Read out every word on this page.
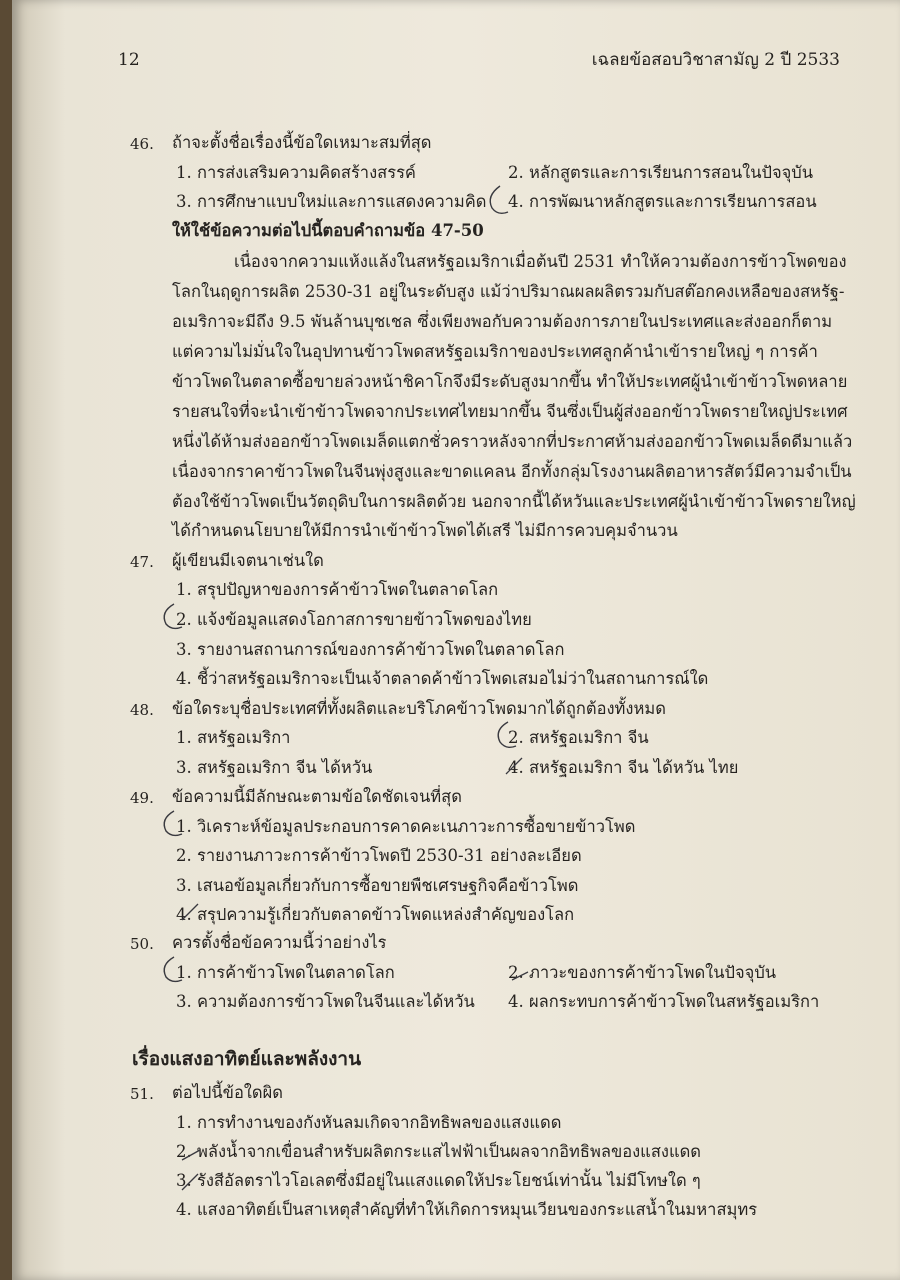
12	เฉลยข้อสอบวิชาสามัญ 2 ปี 2533
46. ถ้าจะตั้งชื่อเรื่องนี้ข้อใดเหมาะสมที่สุด
1. การส่งเสริมความคิดสร้างสรรค์	2. หลักสูตรและการเรียนการสอนในปัจจุบัน
3. การศึกษาแบบใหม่และการแสดงความคิด 4. การพัฒนาหลักสูตรและการเรียนการสอน
ให้ใช้ข้อความต่อไปนี้ตอบคำถามข้อ 47-50
เนื่องจากความแห้งแล้งในสหรัฐอเมริกาเมื่อต้นปี 2531 ทำให้ความต้องการข้าวโพดของ
โลกในฤดูการผลิต 2530-31 อยู่ในระดับสูง แม้ว่าปริมาณผลผลิตรวมกับสต๊อกคงเหลือของสหรัฐ-
อเมริกาจะมีถึง 9.5 พันล้านบุชเชล ซึ่งเพียงพอกับความต้องการภายในประเทศและส่งออกก็ตาม
แต่ความไม่มั่นใจในอุปทานข้าวโพดสหรัฐอเมริกาของประเทศลูกค้านำเข้ารายใหญ่ ๆ การค้า
ข้าวโพดในตลาดซื้อขายล่วงหน้าชิคาโกจึงมีระดับสูงมากขึ้น ทำให้ประเทศผู้นำเข้าข้าวโพดหลาย
รายสนใจที่จะนำเข้าข้าวโพดจากประเทศไทยมากขึ้น จีนซึ่งเป็นผู้ส่งออกข้าวโพดรายใหญ่ประเทศ
หนึ่งได้ห้ามส่งออกข้าวโพดเมล็ดแตกชั่วคราวหลังจากที่ประกาศห้ามส่งออกข้าวโพดเมล็ดดีมาแล้ว
เนื่องจากราคาข้าวโพดในจีนพุ่งสูงและขาดแคลน อีกทั้งกลุ่มโรงงานผลิตอาหารสัตว์มีความจำเป็น
ต้องใช้ข้าวโพดเป็นวัตถุดิบในการผลิตด้วย นอกจากนี้ได้หวันและประเทศผู้นำเข้าข้าวโพดรายใหญ่
ได้กำหนดนโยบายให้มีการนำเข้าข้าวโพดได้เสรี ไม่มีการควบคุมจำนวน
47. ผู้เขียนมีเจตนาเช่นใด
1. สรุปปัญหาของการค้าข้าวโพดในตลาดโลก
2. แจ้งข้อมูลแสดงโอกาสการขายข้าวโพดของไทย
3. รายงานสถานการณ์ของการค้าข้าวโพดในตลาดโลก
4. ชี้ว่าสหรัฐอเมริกาจะเป็นเจ้าตลาดค้าข้าวโพดเสมอไม่ว่าในสถานการณ์ใด
48. ข้อใดระบุชื่อประเทศที่ทั้งผลิตและบริโภคข้าวโพดมากได้ถูกต้องทั้งหมด
1. สหรัฐอเมริกา	2. สหรัฐอเมริกา จีน
3. สหรัฐอเมริกา จีน ได้หวัน	4. สหรัฐอเมริกา จีน ได้หวัน ไทย
49. ข้อความนี้มีลักษณะตามข้อใดชัดเจนที่สุด
1. วิเคราะห์ข้อมูลประกอบการคาดคะเนภาวะการซื้อขายข้าวโพด
2. รายงานภาวะการค้าข้าวโพดปี 2530-31 อย่างละเอียด
3. เสนอข้อมูลเกี่ยวกับการซื้อขายพืชเศรษฐกิจคือข้าวโพด
4. สรุปความรู้เกี่ยวกับตลาดข้าวโพดแหล่งสำคัญของโลก
50. ควรตั้งชื่อข้อความนี้ว่าอย่างไร
1. การค้าข้าวโพดในตลาดโลก	2. ภาวะของการค้าข้าวโพดในปัจจุบัน
3. ความต้องการข้าวโพดในจีนและได้หวัน 4. ผลกระทบการค้าข้าวโพดในสหรัฐอเมริกา
เรื่องแสงอาทิตย์และพลังงาน
51. ต่อไปนี้ข้อใดผิด
1. การทำงานของกังหันลมเกิดจากอิทธิพลของแสงแดด
2. พลังน้ำจากเขื่อนสำหรับผลิตกระแสไฟฟ้าเป็นผลจากอิทธิพลของแสงแดด
3. รังสีอัลตราไวโอเลตซึ่งมีอยู่ในแสงแดดให้ประโยชน์เท่านั้น ไม่มีโทษใด ๆ
4. แสงอาทิตย์เป็นสาเหตุสำคัญที่ทำให้เกิดการหมุนเวียนของกระแสน้ำในมหาสมุทร
